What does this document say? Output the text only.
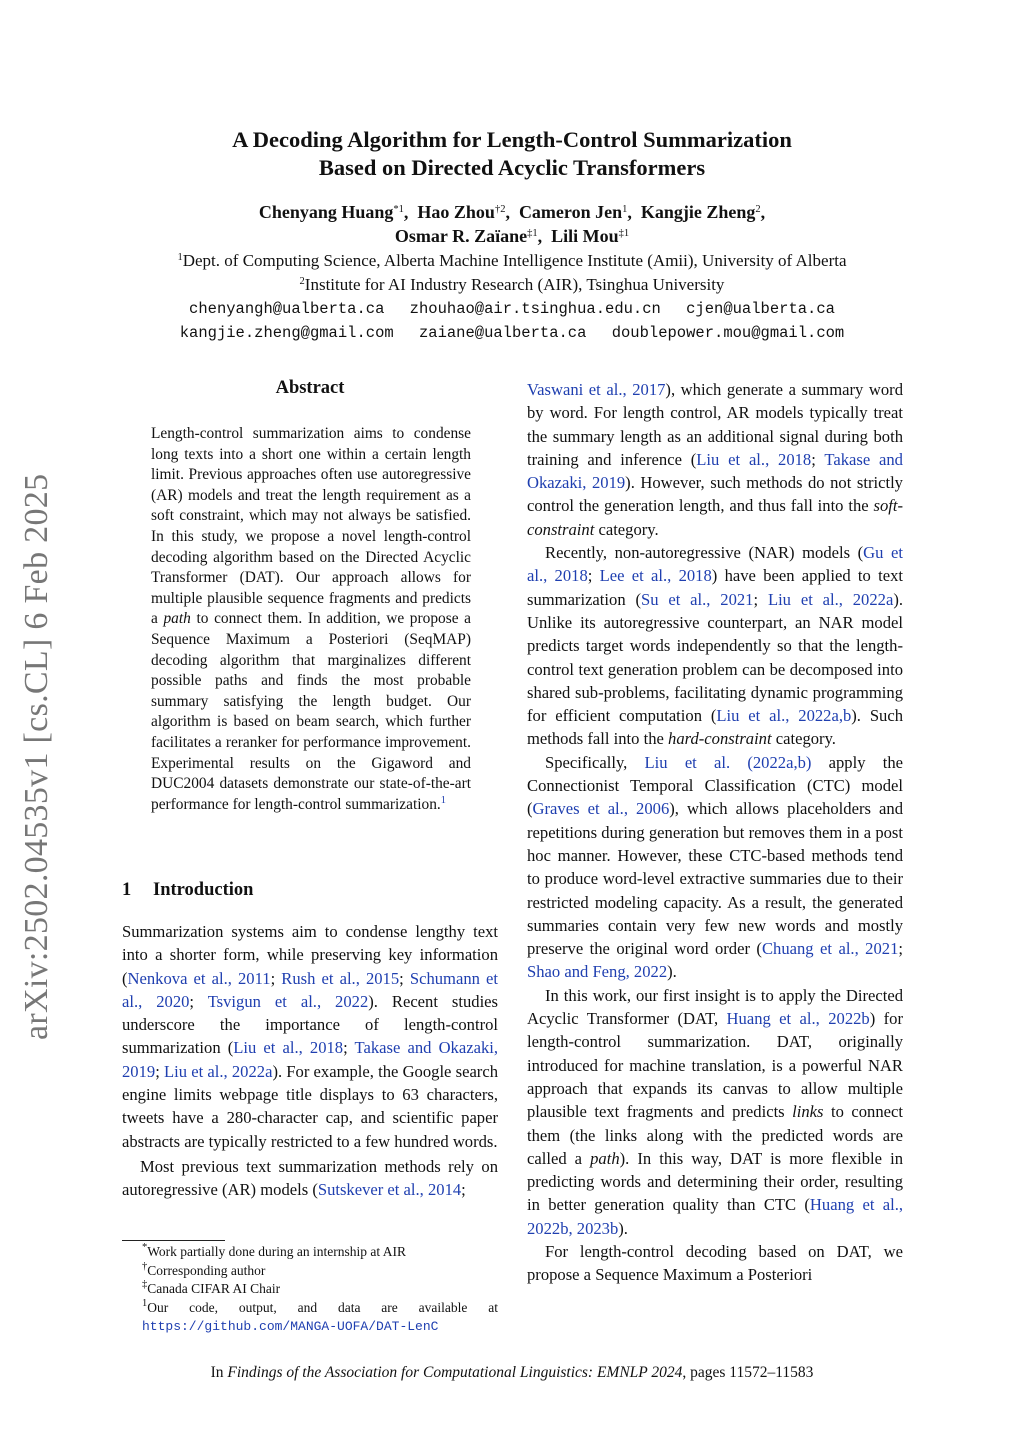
arXiv:2502.04535v1 [cs.CL] 6 Feb 2025
A Decoding Algorithm for Length-Control Summarization
Based on Directed Acyclic Transformers
Chenyang Huang$^{*1}$,  Hao Zhou$^{\dagger 2}$,  Cameron Jen$^1$,  Kangjie Zheng$^2$,
Osmar R. Zaïane$^{\ddagger 1}$,  Lili Mou$^{\ddagger 1}$
$^1$Dept. of Computing Science, Alberta Machine Intelligence Institute (Amii), University of Alberta
$^2$Institute for AI Industry Research (AIR), Tsinghua University
chenyangh@ualberta.ca zhouhao@air.tsinghua.edu.cn cjen@ualberta.ca
kangjie.zheng@gmail.com zaiane@ualberta.ca doublepower.mou@gmail.com
Abstract
Length-control summarization aims to condense long texts into a short one within a certain length limit. Previous approaches often use autoregressive (AR) models and treat the length requirement as a soft constraint, which may not always be satisfied. In this study, we propose a novel length-control decoding algorithm based on the Directed Acyclic Transformer (DAT). Our approach allows for multiple plausible sequence fragments and predicts a path to connect them. In addition, we propose a Sequence Maximum a Posteriori (SeqMAP) decoding algorithm that marginalizes different possible paths and finds the most probable summary satisfying the length budget. Our algorithm is based on beam search, which further facilitates a reranker for performance improvement. Experimental results on the Gigaword and DUC2004 datasets demonstrate our state-of-the-art performance for length-control summarization.$^1$
1 Introduction

Summarization systems aim to condense lengthy text into a shorter form, while preserving key information (Nenkova et al., 2011; Rush et al., 2015; Schumann et al., 2020; Tsvigun et al., 2022). Recent studies underscore the importance of length-control summarization (Liu et al., 2018; Takase and Okazaki, 2019; Liu et al., 2022a). For example, the Google search engine limits webpage title displays to 63 characters, tweets have a 280-character cap, and scientific paper abstracts are typically restricted to a few hundred words.

Most previous text summarization methods rely on autoregressive (AR) models (Sutskever et al., 2014;

*Work partially done during an internship at AIR
†Corresponding author
‡Canada CIFAR AI Chair
$^1$Our code, output, and data are available at https://github.com/MANGA-UOFA/DAT-LenC

Vaswani et al., 2017), which generate a summary word by word. For length control, AR models typically treat the summary length as an additional signal during both training and inference (Liu et al., 2018; Takase and Okazaki, 2019). However, such methods do not strictly control the generation length, and thus fall into the soft-constraint category.

Recently, non-autoregressive (NAR) models (Gu et al., 2018; Lee et al., 2018) have been applied to text summarization (Su et al., 2021; Liu et al., 2022a). Unlike its autoregressive counterpart, an NAR model predicts target words independently so that the length-control text generation problem can be decomposed into shared sub-problems, facilitating dynamic programming for efficient computation (Liu et al., 2022a,b). Such methods fall into the hard-constraint category.

Specifically, Liu et al. (2022a,b) apply the Connectionist Temporal Classification (CTC) model (Graves et al., 2006), which allows placeholders and repetitions during generation but removes them in a post hoc manner. However, these CTC-based methods tend to produce word-level extractive summaries due to their restricted modeling capacity. As a result, the generated summaries contain very few new words and mostly preserve the original word order (Chuang et al., 2021; Shao and Feng, 2022).

In this work, our first insight is to apply the Directed Acyclic Transformer (DAT, Huang et al., 2022b) for length-control summarization. DAT, originally introduced for machine translation, is a powerful NAR approach that expands its canvas to allow multiple plausible text fragments and predicts links to connect them (the links along with the predicted words are called a path). In this way, DAT is more flexible in predicting words and determining their order, resulting in better generation quality than CTC (Huang et al., 2022b, 2023b).

For length-control decoding based on DAT, we propose a Sequence Maximum a Posteriori

In Findings of the Association for Computational Linguistics: EMNLP 2024, pages 11572–11583
